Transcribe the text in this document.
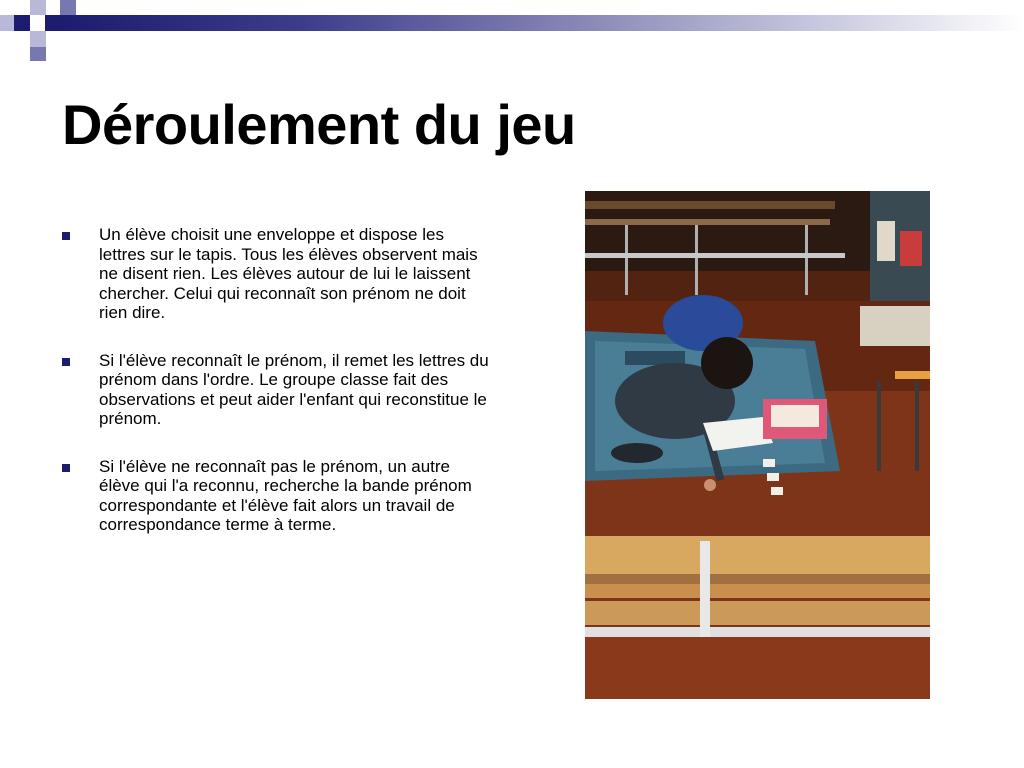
Déroulement du jeu
Un élève choisit une enveloppe et dispose les lettres sur le tapis. Tous les élèves observent mais ne disent rien. Les élèves autour de lui le laissent chercher. Celui qui reconnaît son prénom ne doit rien dire.
Si l'élève reconnaît le prénom, il remet les lettres du prénom dans l'ordre. Le groupe classe fait des observations et peut aider l'enfant qui reconstitue le prénom.
Si l'élève ne reconnaît pas le prénom, un autre élève qui l'a reconnu, recherche la bande prénom correspondante et l'élève fait alors un travail de correspondance terme à terme.
